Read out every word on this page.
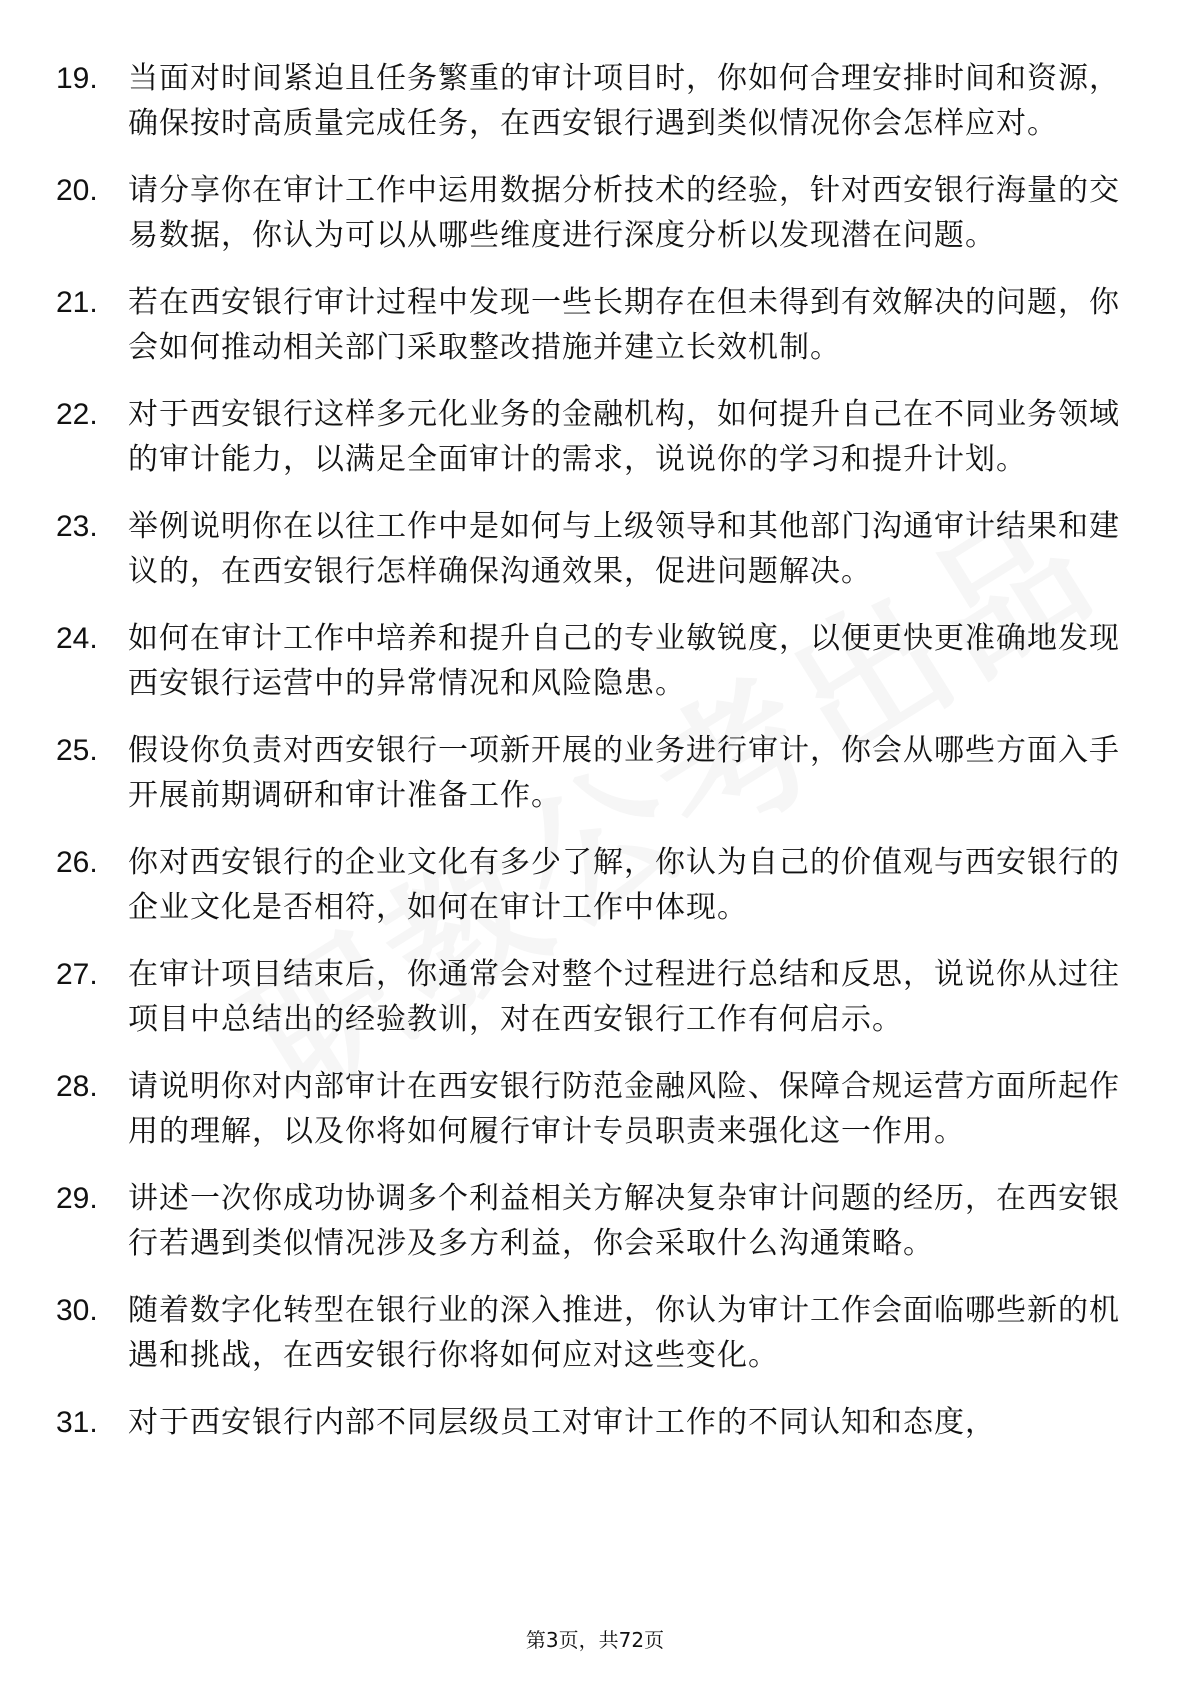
19.	当面对时间紧迫且任务繁重的审计项目时，你如何合理安排时间和资源，确保按时高质量完成任务，在西安银行遇到类似情况你会怎样应对。
20.	请分享你在审计工作中运用数据分析技术的经验，针对西安银行海量的交易数据，你认为可以从哪些维度进行深度分析以发现潜在问题。
21.	若在西安银行审计过程中发现一些长期存在但未得到有效解决的问题，你会如何推动相关部门采取整改措施并建立长效机制。
22.	对于西安银行这样多元化业务的金融机构，如何提升自己在不同业务领域的审计能力，以满足全面审计的需求，说说你的学习和提升计划。
23.	举例说明你在以往工作中是如何与上级领导和其他部门沟通审计结果和建议的，在西安银行怎样确保沟通效果，促进问题解决。
24.	如何在审计工作中培养和提升自己的专业敏锐度，以便更快更准确地发现西安银行运营中的异常情况和风险隐患。
25.	假设你负责对西安银行一项新开展的业务进行审计，你会从哪些方面入手开展前期调研和审计准备工作。
26.	你对西安银行的企业文化有多少了解，你认为自己的价值观与西安银行的企业文化是否相符，如何在审计工作中体现。
27.	在审计项目结束后，你通常会对整个过程进行总结和反思，说说你从过往项目中总结出的经验教训，对在西安银行工作有何启示。
28.	请说明你对内部审计在西安银行防范金融风险、保障合规运营方面所起作用的理解，以及你将如何履行审计专员职责来强化这一作用。
29.	讲述一次你成功协调多个利益相关方解决复杂审计问题的经历，在西安银行若遇到类似情况涉及多方利益，你会采取什么沟通策略。
30.	随着数字化转型在银行业的深入推进，你认为审计工作会面临哪些新的机遇和挑战，在西安银行你将如何应对这些变化。
31.	对于西安银行内部不同层级员工对审计工作的不同认知和态度，
第3页，共72页
